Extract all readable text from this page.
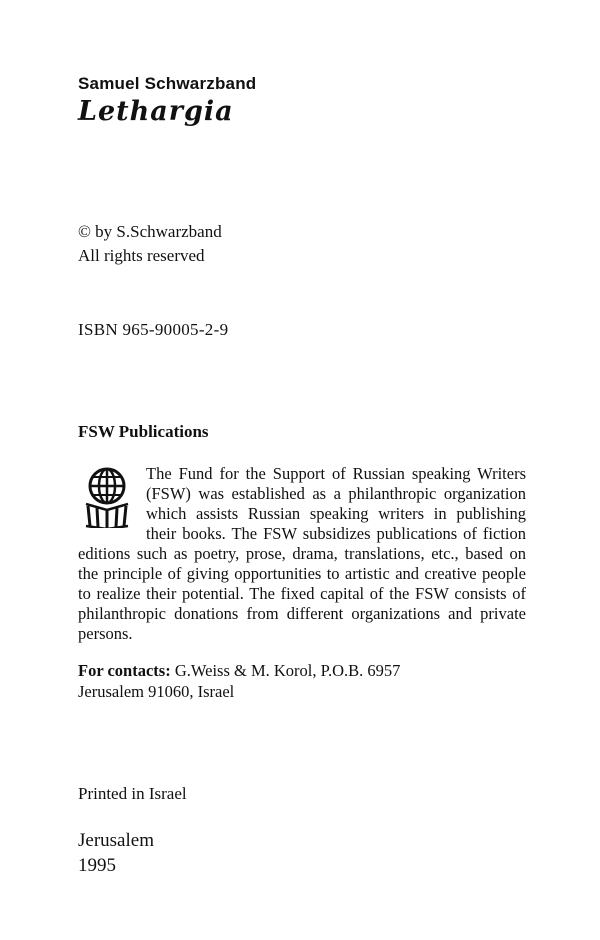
Samuel Schwarzband
Lethargia
© by S.Schwarzband
All rights reserved
ISBN 965-90005-2-9
FSW Publications
The Fund for the Support of Russian speaking Writers (FSW) was established as a philanthropic organization which assists Russian speaking writers in publishing their books. The FSW subsidizes publications of fiction editions such as poetry, prose, drama, translations, etc., based on the principle of giving opportunities to artistic and creative people to realize their potential. The fixed capital of the FSW consists of philanthropic donations from different organizations and private persons.
For contacts: G.Weiss & M. Korol, P.O.B. 6957
Jerusalem 91060, Israel
Printed in Israel
Jerusalem
1995
